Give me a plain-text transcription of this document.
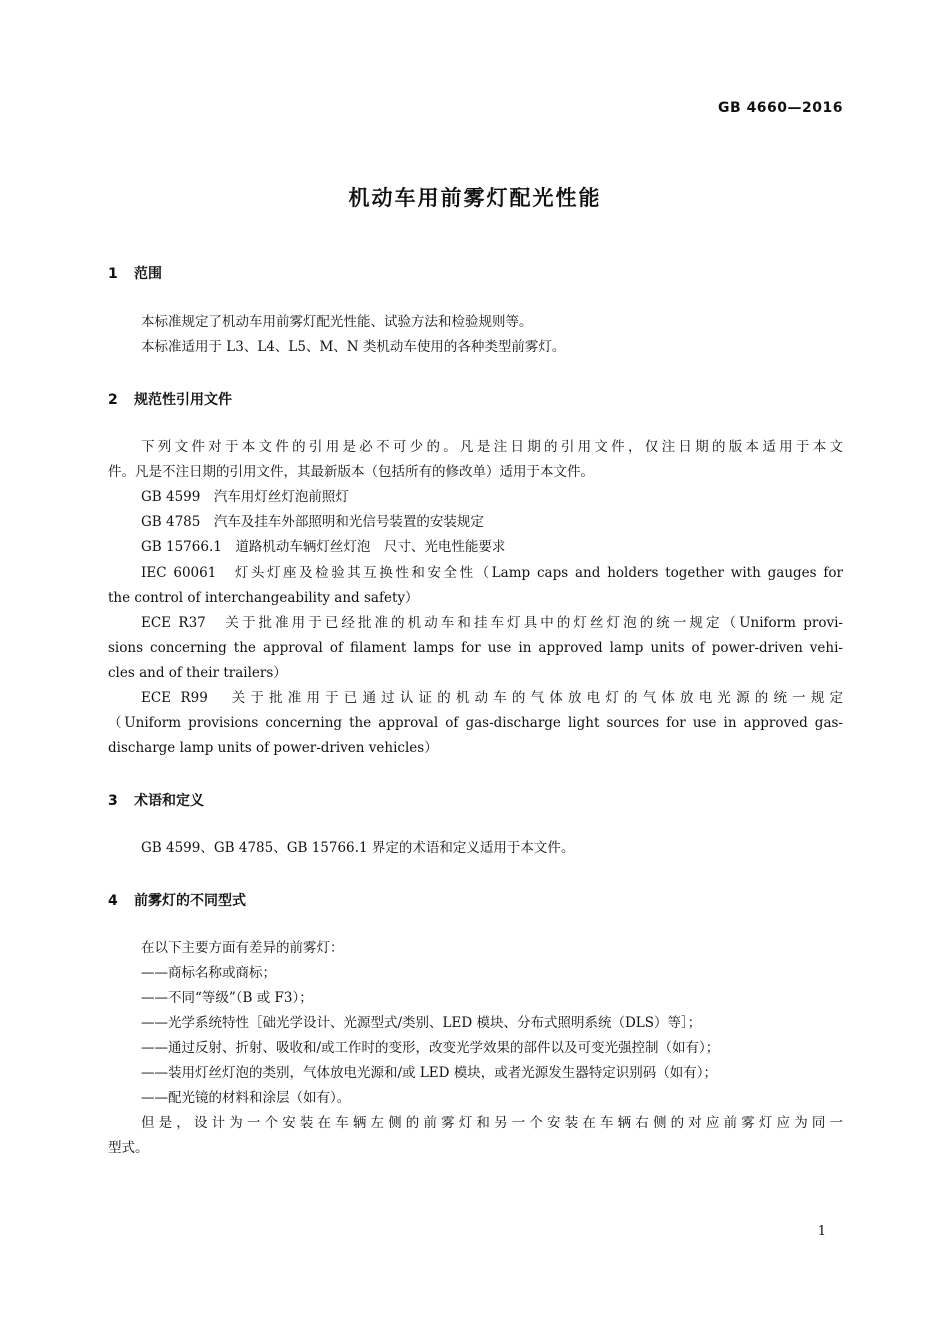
GB 4660—2016
机动车用前雾灯配光性能
1 范围
本标准规定了机动车用前雾灯配光性能、试验方法和检验规则等。
本标准适用于 L3、L4、L5、M、N 类机动车使用的各种类型前雾灯。
2 规范性引用文件
下列文件对于本文件的引用是必不可少的。凡是注日期的引用文件，仅注日期的版本适用于本文
件。凡是不注日期的引用文件，其最新版本（包括所有的修改单）适用于本文件。
GB 4599　汽车用灯丝灯泡前照灯
GB 4785　汽车及挂车外部照明和光信号装置的安装规定
GB 15766.1　道路机动车辆灯丝灯泡　尺寸、光电性能要求
IEC 60061　灯头灯座及检验其互换性和安全性（Lamp caps and holders together with gauges for
the control of interchangeability and safety）
ECE R37　关于批准用于已经批准的机动车和挂车灯具中的灯丝灯泡的统一规定（Uniform provi-
sions concerning the approval of filament lamps for use in approved lamp units of power-driven vehi-
cles and of their trailers）
ECE R99　关于批准用于已通过认证的机动车的气体放电灯的气体放电光源的统一规定
（Uniform provisions concerning the approval of gas-discharge light sources for use in approved gas-
discharge lamp units of power-driven vehicles）
3 术语和定义
GB 4599、GB 4785、GB 15766.1 界定的术语和定义适用于本文件。
4 前雾灯的不同型式
在以下主要方面有差异的前雾灯：
——商标名称或商标；
——不同“等级”（B 或 F3）；
——光学系统特性［础光学设计、光源型式/类别、LED 模块、分布式照明系统（DLS）等］；
——通过反射、折射、吸收和/或工作时的变形，改变光学效果的部件以及可变光强控制（如有）；
——装用灯丝灯泡的类别，气体放电光源和/或 LED 模块，或者光源发生器特定识别码（如有）；
——配光镜的材料和涂层（如有）。
但是，设计为一个安装在车辆左侧的前雾灯和另一个安装在车辆右侧的对应前雾灯应为同一
型式。
1
